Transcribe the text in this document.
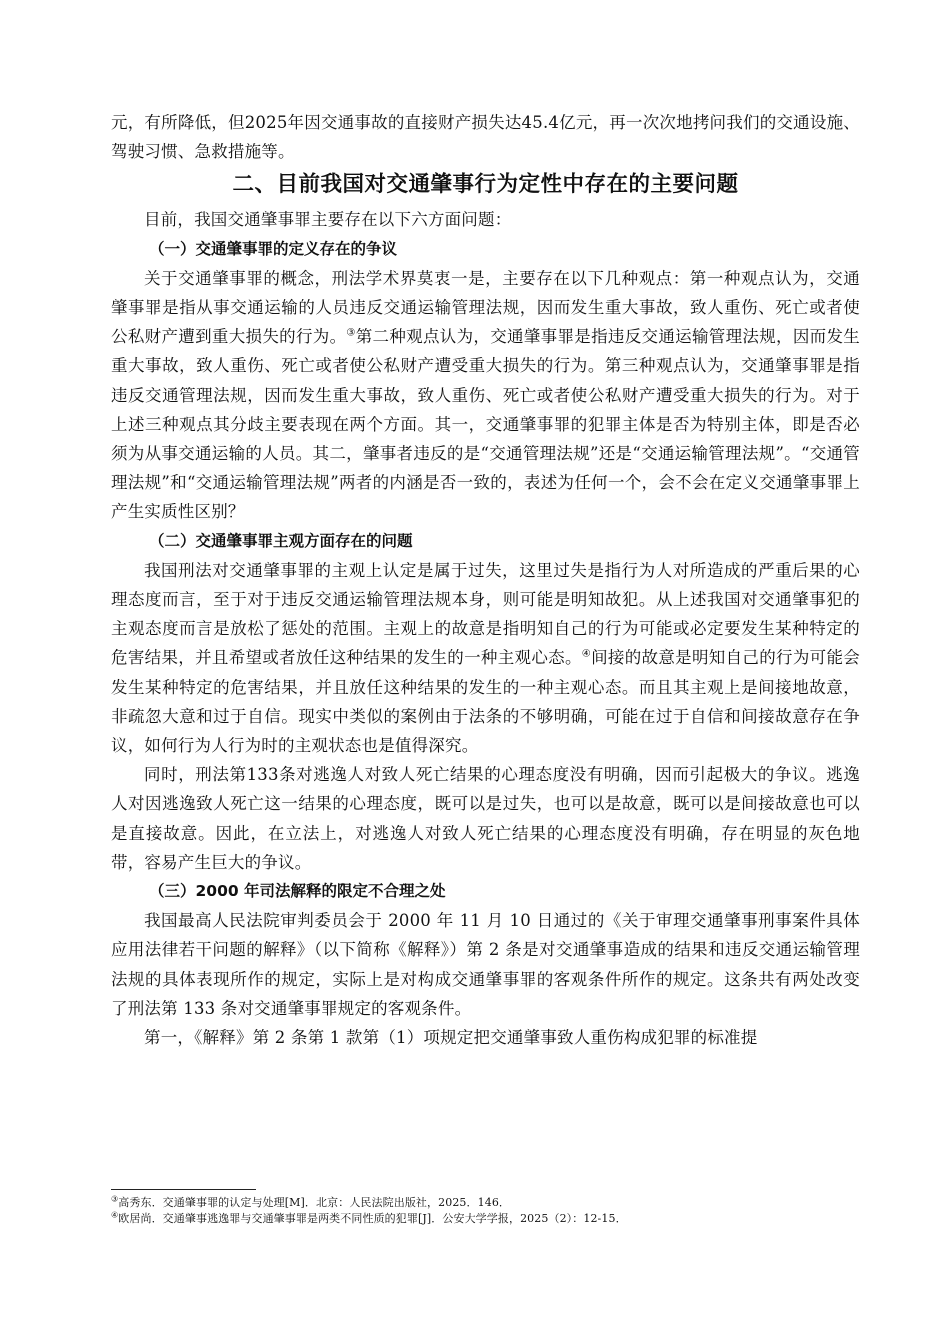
元，有所降低，但2025年因交通事故的直接财产损失达45.4亿元，再一次次地拷问我们的交通设施、驾驶习惯、急救措施等。

二、目前我国对交通肇事行为定性中存在的主要问题

目前，我国交通肇事罪主要存在以下六方面问题：

（一）交通肇事罪的定义存在的争议

关于交通肇事罪的概念，刑法学术界莫衷一是，主要存在以下几种观点：第一种观点认为，交通肇事罪是指从事交通运输的人员违反交通运输管理法规，因而发生重大事故，致人重伤、死亡或者使公私财产遭到重大损失的行为。③第二种观点认为，交通肇事罪是指违反交通运输管理法规，因而发生重大事故，致人重伤、死亡或者使公私财产遭受重大损失的行为。第三种观点认为，交通肇事罪是指违反交通管理法规，因而发生重大事故，致人重伤、死亡或者使公私财产遭受重大损失的行为。对于上述三种观点其分歧主要表现在两个方面。其一，交通肇事罪的犯罪主体是否为特别主体，即是否必须为从事交通运输的人员。其二，肇事者违反的是“交通管理法规”还是“交通运输管理法规”。“交通管理法规”和“交通运输管理法规”两者的内涵是否一致的，表述为任何一个，会不会在定义交通肇事罪上产生实质性区别？

（二）交通肇事罪主观方面存在的问题

我国刑法对交通肇事罪的主观上认定是属于过失，这里过失是指行为人对所造成的严重后果的心理态度而言，至于对于违反交通运输管理法规本身，则可能是明知故犯。从上述我国对交通肇事犯的主观态度而言是放松了惩处的范围。主观上的故意是指明知自己的行为可能或必定要发生某种特定的危害结果，并且希望或者放任这种结果的发生的一种主观心态。④间接的故意是明知自己的行为可能会发生某种特定的危害结果，并且放任这种结果的发生的一种主观心态。而且其主观上是间接地故意，非疏忽大意和过于自信。现实中类似的案例由于法条的不够明确，可能在过于自信和间接故意存在争议，如何行为人行为时的主观状态也是值得深究。

同时，刑法第133条对逃逸人对致人死亡结果的心理态度没有明确，因而引起极大的争议。逃逸人对因逃逸致人死亡这一结果的心理态度，既可以是过失，也可以是故意，既可以是间接故意也可以是直接故意。因此，在立法上，对逃逸人对致人死亡结果的心理态度没有明确，存在明显的灰色地带，容易产生巨大的争议。

（三）2000 年司法解释的限定不合理之处

我国最高人民法院审判委员会于 2000 年 11 月 10 日通过的《关于审理交通肇事刑事案件具体应用法律若干问题的解释》（以下简称《解释》）第 2 条是对交通肇事造成的结果和违反交通运输管理法规的具体表现所作的规定，实际上是对构成交通肇事罪的客观条件所作的规定。这条共有两处改变了刑法第 133 条对交通肇事罪规定的客观条件。

第一，《解释》第 2 条第 1 款第（1）项规定把交通肇事致人重伤构成犯罪的标准提

③高秀东．交通肇事罪的认定与处理[M]．北京：人民法院出版社，2025．146．

④欧居尚．交通肇事逃逸罪与交通肇事罪是两类不同性质的犯罪[J]．公安大学学报，2025（2）：12-15．
